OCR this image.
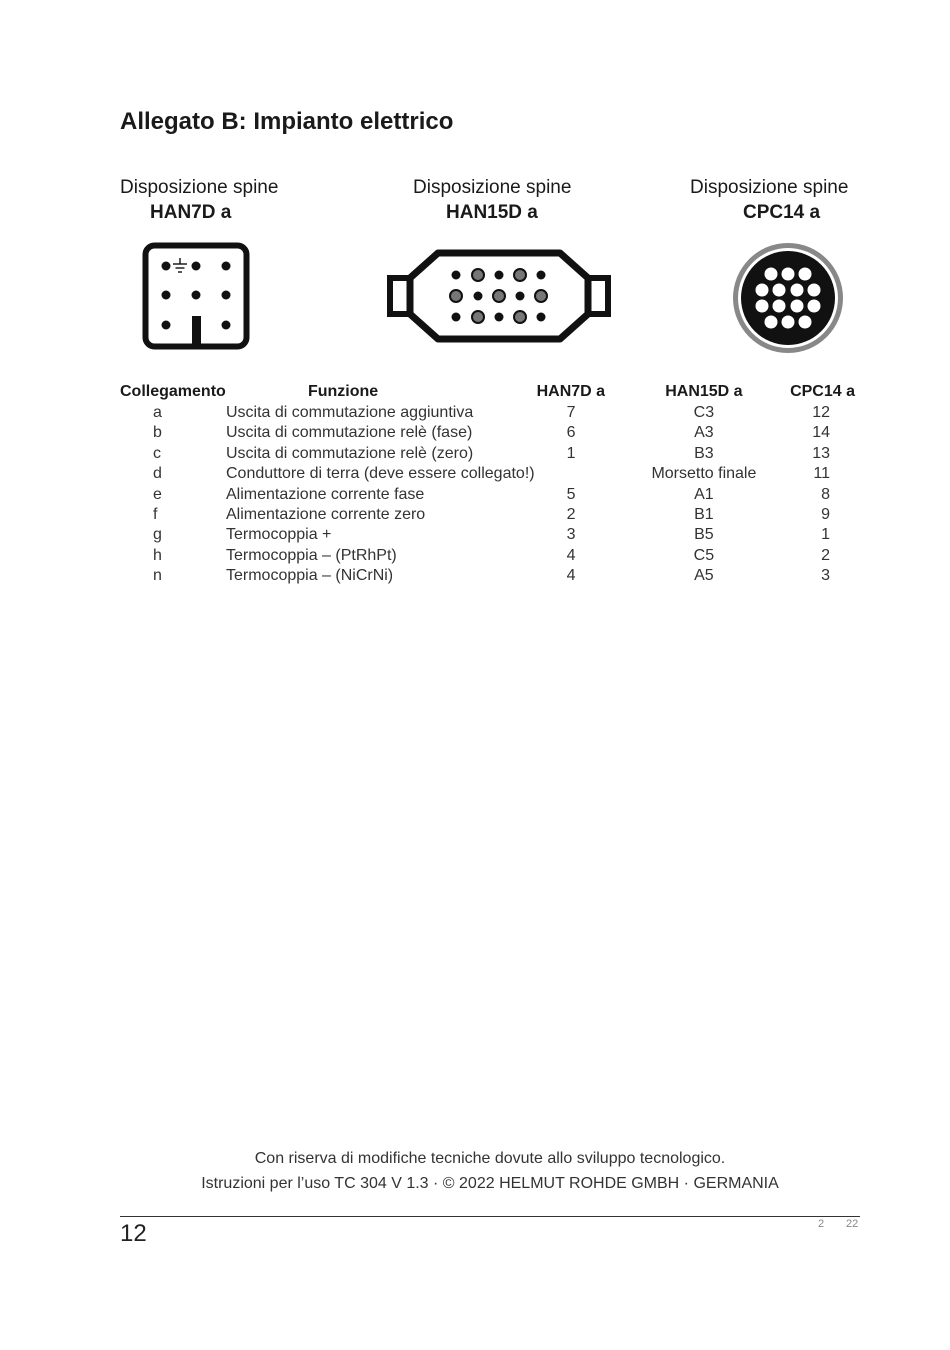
Allegato B: Impianto elettrico
Disposizione spine
HAN7D a
Disposizione spine
HAN15D a
Disposizione spine
CPC14 a
Collegamento	Funzione	HAN7D a	HAN15D a	CPC14 a
a	Uscita di commutazione aggiuntiva	7	C3	12
b	Uscita di commutazione relè (fase)	6	A3	14
c	Uscita di commutazione relè (zero)	1	B3	13
d	Conduttore di terra (deve essere collegato!)		Morsetto finale	11
e	Alimentazione corrente fase	5	A1	8
f	Alimentazione corrente zero	2	B1	9
g	Termocoppia +	3	B5	1
h	Termocoppia – (PtRhPt)	4	C5	2
n	Termocoppia – (NiCrNi)	4	A5	3
Con riserva di modifiche tecniche dovute allo sviluppo tecnologico.
Istruzioni per l’uso TC 304 V 1.3 · © 2022 HELMUT ROHDE GMBH · GERMANIA
12	2 22
